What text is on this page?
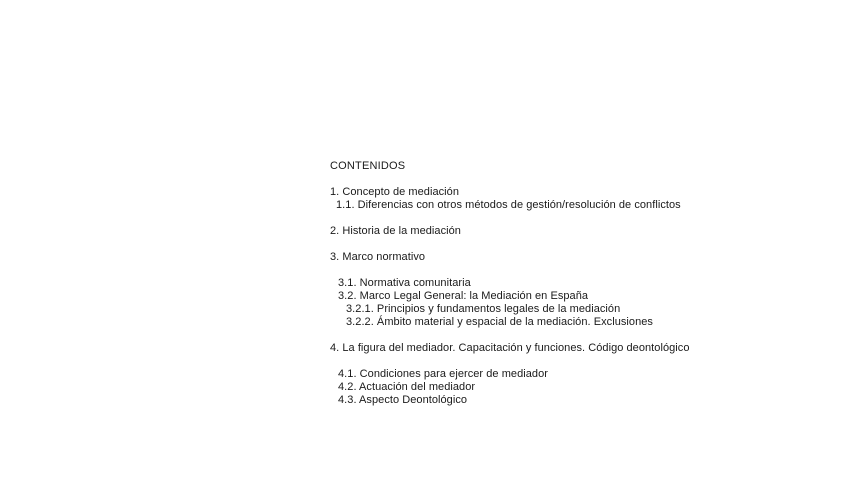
CONTENIDOS
1. Concepto de mediación
1.1. Diferencias con otros métodos de gestión/resolución de conflictos
2. Historia de la mediación
3. Marco normativo
3.1. Normativa comunitaria
3.2. Marco Legal General: la Mediación en España
3.2.1. Principios y fundamentos legales de la mediación
3.2.2. Ámbito material y espacial de la mediación. Exclusiones
4. La figura del mediador. Capacitación y funciones. Código deontológico
4.1. Condiciones para ejercer de mediador
4.2. Actuación del mediador
4.3. Aspecto Deontológico
